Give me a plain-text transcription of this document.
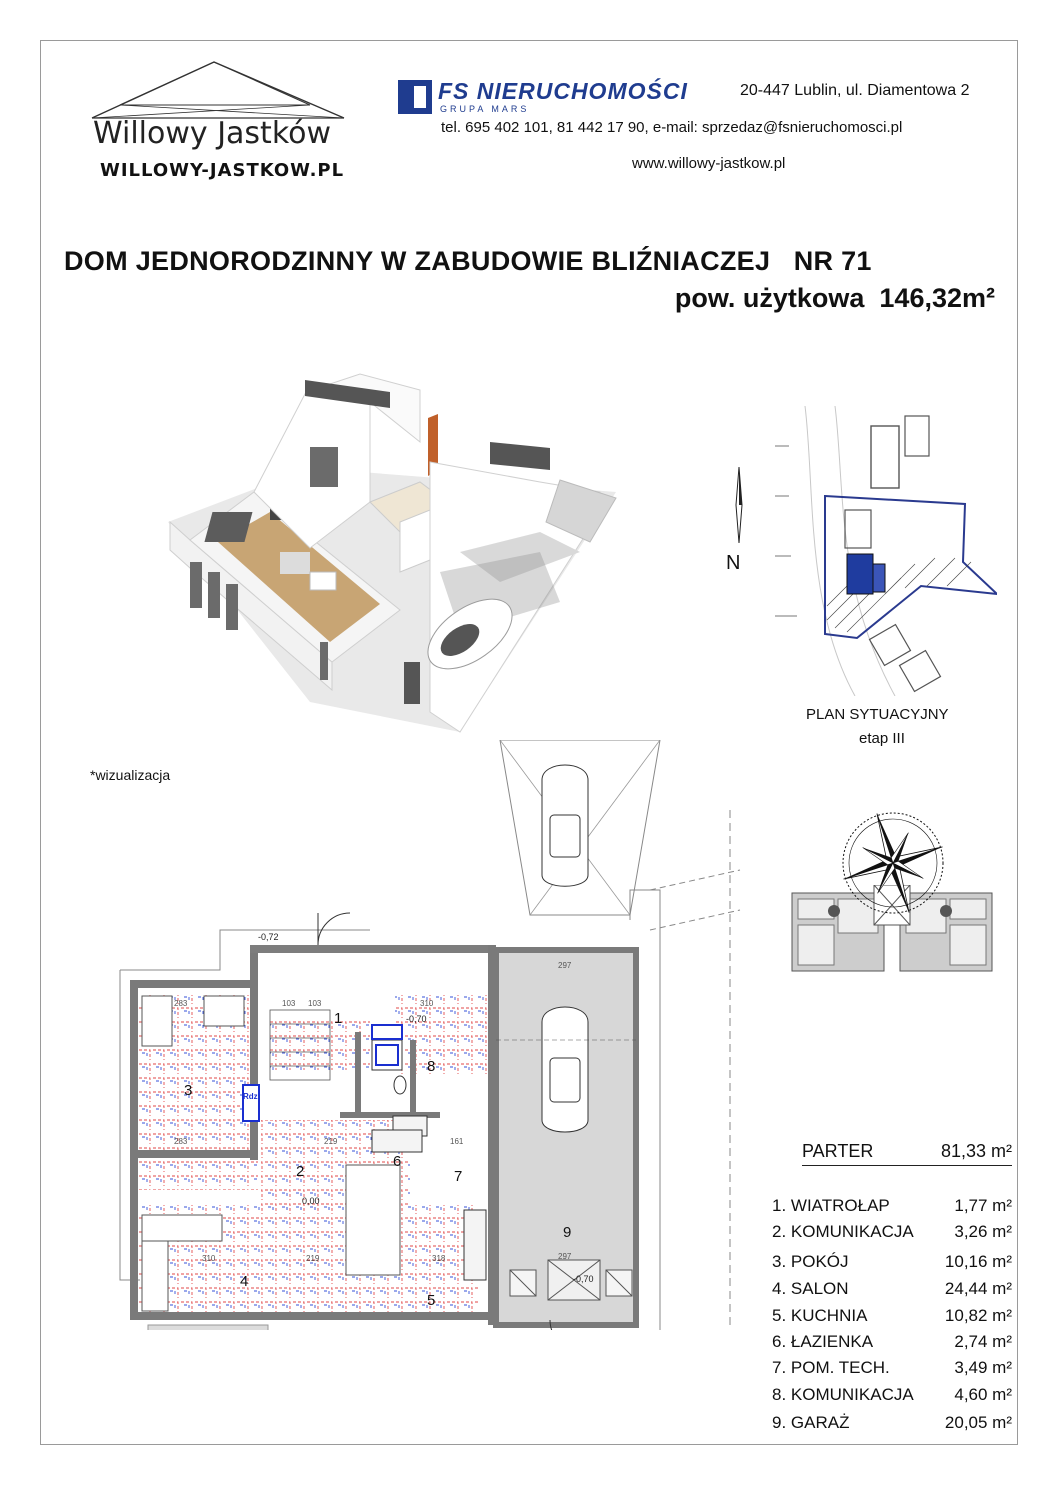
Willowy Jastków
WILLOWY-JASTKOW.PL
FS NIERUCHOMOŚCI
GRUPA MARS
20-447 Lublin, ul. Diamentowa 2
tel. 695 402 101, 81 442 17 90, e-mail: sprzedaz@fsnieruchomosci.pl
www.willowy-jastkow.pl
DOM JEDNORODZINNY W ZABUDOWIE BLIŹNIACZEJ   NR 71
pow. użytkowa  146,32m²
*wizualizacja
N
PLAN SYTUACYJNY
etap III
-0,72
-0,70
0,00
-0,70
283	103 103	310
283	219	161
310	219	318
297
297
1
2
3
4
5
6
7
8
9
Rdz
PARTER	81,33 m²
1. WIATROŁAP	1,77 m²
2. KOMUNIKACJA 3,26 m²
3. POKÓJ	10,16 m²
4. SALON	24,44 m²
5. KUCHNIA	10,82 m²
6. ŁAZIENKA	2,74 m²
7. POM. TECH.	3,49 m²
8. KOMUNIKACJA 4,60 m²
9. GARAŻ	20,05 m²
